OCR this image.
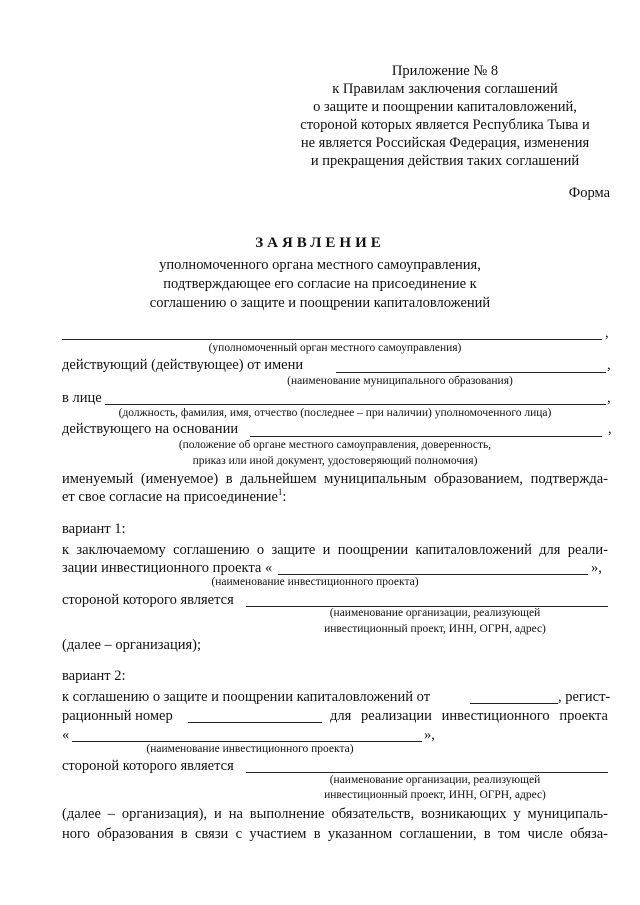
Приложение № 8
к Правилам заключения соглашений
о защите и поощрении капиталовложений,
стороной которых является Республика Тыва и
не является Российская Федерация, изменения
и прекращения действия таких соглашений
Форма
ЗАЯВЛЕНИЕ
уполномоченного органа местного самоуправления,
подтверждающее его согласие на присоединение к
соглашению о защите и поощрении капиталовложений
,
(уполномоченный орган местного самоуправления)
действующий (действующее) от имени	,
(наименование муниципального образования)
в лице	,
(должность, фамилия, имя, отчество (последнее – при наличии) уполномоченного лица)
действующего на основании	,
(положение об органе местного самоуправления, доверенность,
приказ или иной документ, удостоверяющий полномочия)
именуемый (именуемое) в дальнейшем муниципальным образованием, подтвержда-
ет свое согласие на присоединение$^1$:
вариант 1:
к заключаемому соглашению о защите и поощрении капиталовложений для реали-
зации инвестиционного проекта «	»,
(наименование инвестиционного проекта)
стороной которого является
(наименование организации, реализующей
инвестиционный проект, ИНН, ОГРН, адрес)
(далее – организация);
вариант 2:
к соглашению о защите и поощрении капиталовложений от	, регист-
рационный номер	для реализации инвестиционного проекта
«	»,
(наименование инвестиционного проекта)
стороной которого является
(наименование организации, реализующей
инвестиционный проект, ИНН, ОГРН, адрес)
(далее – организация), и на выполнение обязательств, возникающих у муниципаль-
ного образования в связи с участием в указанном соглашении, в том числе обяза-
